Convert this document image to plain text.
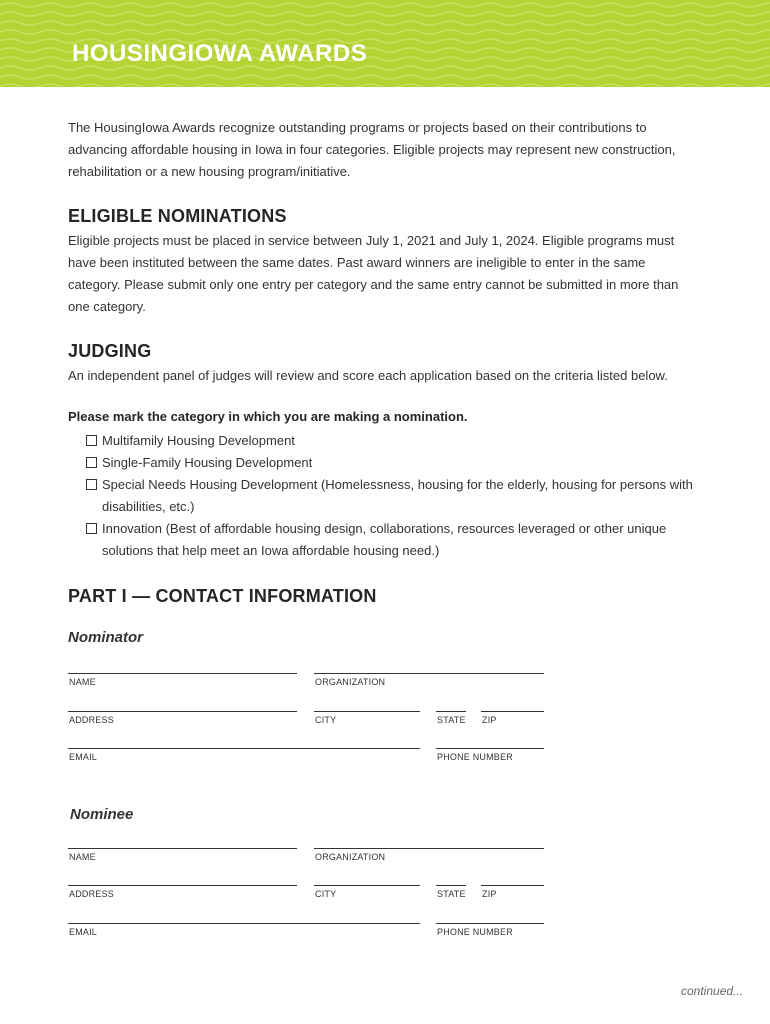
HOUSINGIOWA AWARDS
The HousingIowa Awards recognize outstanding programs or projects based on their contributions to advancing affordable housing in Iowa in four categories. Eligible projects may represent new construction, rehabilitation or a new housing program/initiative.
ELIGIBLE NOMINATIONS
Eligible projects must be placed in service between July 1, 2021 and July 1, 2024. Eligible programs must have been instituted between the same dates. Past award winners are ineligible to enter in the same category. Please submit only one entry per category and the same entry cannot be submitted in more than one category.
JUDGING
An independent panel of judges will review and score each application based on the criteria listed below.
Please mark the category in which you are making a nomination.
Multifamily Housing Development
Single-Family Housing Development
Special Needs Housing Development (Homelessness, housing for the elderly, housing for persons with disabilities, etc.)
Innovation (Best of affordable housing design, collaborations, resources leveraged or other unique solutions that help meet an Iowa affordable housing need.)
PART I — CONTACT INFORMATION
Nominator
NAME	ORGANIZATION
ADDRESS	CITY	STATE ZIP
EMAIL	PHONE NUMBER
Nominee
NAME	ORGANIZATION
ADDRESS	CITY	STATE ZIP
EMAIL	PHONE NUMBER
continued...
